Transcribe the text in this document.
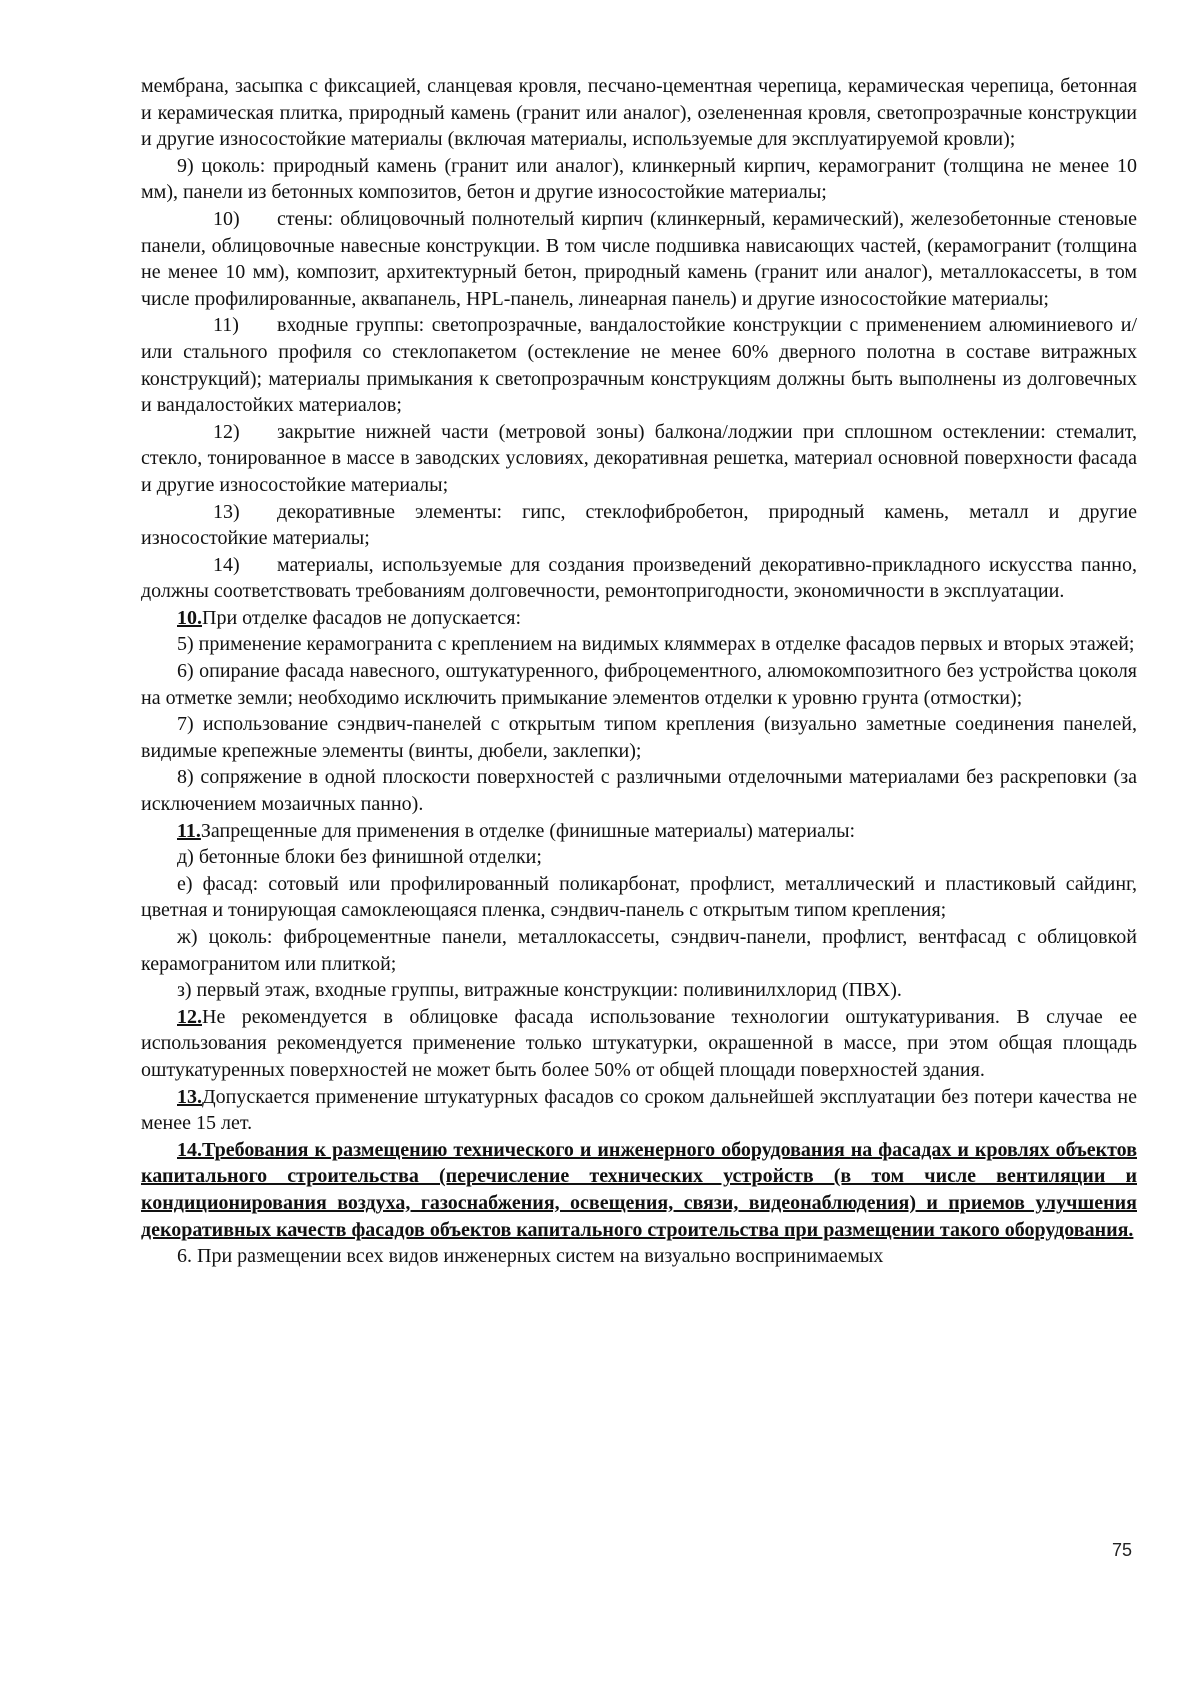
мембрана, засыпка с фиксацией, сланцевая кровля, песчано-цементная черепица, керамическая черепица, бетонная и керамическая плитка, природный камень (гранит или аналог), озелененная кровля, светопрозрачные конструкции и другие износостойкие материалы (включая материалы, используемые для эксплуатируемой кровли);

9) цоколь: природный камень (гранит или аналог), клинкерный кирпич, керамогранит (толщина не менее 10 мм), панели из бетонных композитов, бетон и другие износостойкие материалы;

10) стены: облицовочный полнотелый кирпич (клинкерный, керамический), железобетонные стеновые панели, облицовочные навесные конструкции. В том числе подшивка нависающих частей, (керамогранит (толщина не менее 10 мм), композит, архитектурный бетон, природный камень (гранит или аналог), металлокассеты, в том числе профилированные, аквапанель, HPL-панель, линеарная панель) и другие износостойкие материалы;

11) входные группы: светопрозрачные, вандалостойкие конструкции с применением алюминиевого и/или стального профиля со стеклопакетом (остекление не менее 60% дверного полотна в составе витражных конструкций); материалы примыкания к светопрозрачным конструкциям должны быть выполнены из долговечных и вандалостойких материалов;

12) закрытие нижней части (метровой зоны) балкона/лоджии при сплошном остеклении: стемалит, стекло, тонированное в массе в заводских условиях, декоративная решетка, материал основной поверхности фасада и другие износостойкие материалы;

13) декоративные элементы: гипс, стеклофибробетон, природный камень, металл и другие износостойкие материалы;

14) материалы, используемые для создания произведений декоративно-прикладного искусства панно, должны соответствовать требованиям долговечности, ремонтопригодности, экономичности в эксплуатации.

10.При отделке фасадов не допускается:

5) применение керамогранита с креплением на видимых кляммерах в отделке фасадов первых и вторых этажей;

6) опирание фасада навесного, оштукатуренного, фиброцементного, алюмокомпозитного без устройства цоколя на отметке земли; необходимо исключить примыкание элементов отделки к уровню грунта (отмостки);

7) использование сэндвич-панелей с открытым типом крепления (визуально заметные соединения панелей, видимые крепежные элементы (винты, дюбели, заклепки);

8) сопряжение в одной плоскости поверхностей с различными отделочными материалами без раскреповки (за исключением мозаичных панно).

11.Запрещенные для применения в отделке (финишные материалы) материалы:

д) бетонные блоки без финишной отделки;

е) фасад: сотовый или профилированный поликарбонат, профлист, металлический и пластиковый сайдинг, цветная и тонирующая самоклеющаяся пленка, сэндвич-панель с открытым типом крепления;

ж) цоколь: фиброцементные панели, металлокассеты, сэндвич-панели, профлист, вентфасад с облицовкой керамогранитом или плиткой;

з) первый этаж, входные группы, витражные конструкции: поливинилхлорид (ПВХ).

12.Не рекомендуется в облицовке фасада использование технологии оштукатуривания. В случае ее использования рекомендуется применение только штукатурки, окрашенной в массе, при этом общая площадь оштукатуренных поверхностей не может быть более 50% от общей площади поверхностей здания.

13.Допускается применение штукатурных фасадов со сроком дальнейшей эксплуатации без потери качества не менее 15 лет.

14.Требования к размещению технического и инженерного оборудования на фасадах и кровлях объектов капитального строительства (перечисление технических устройств (в том числе вентиляции и кондиционирования воздуха, газоснабжения, освещения, связи, видеонаблюдения) и приемов улучшения декоративных качеств фасадов объектов капитального строительства при размещении такого оборудования.

6. При размещении всех видов инженерных систем на визуально воспринимаемых

75
